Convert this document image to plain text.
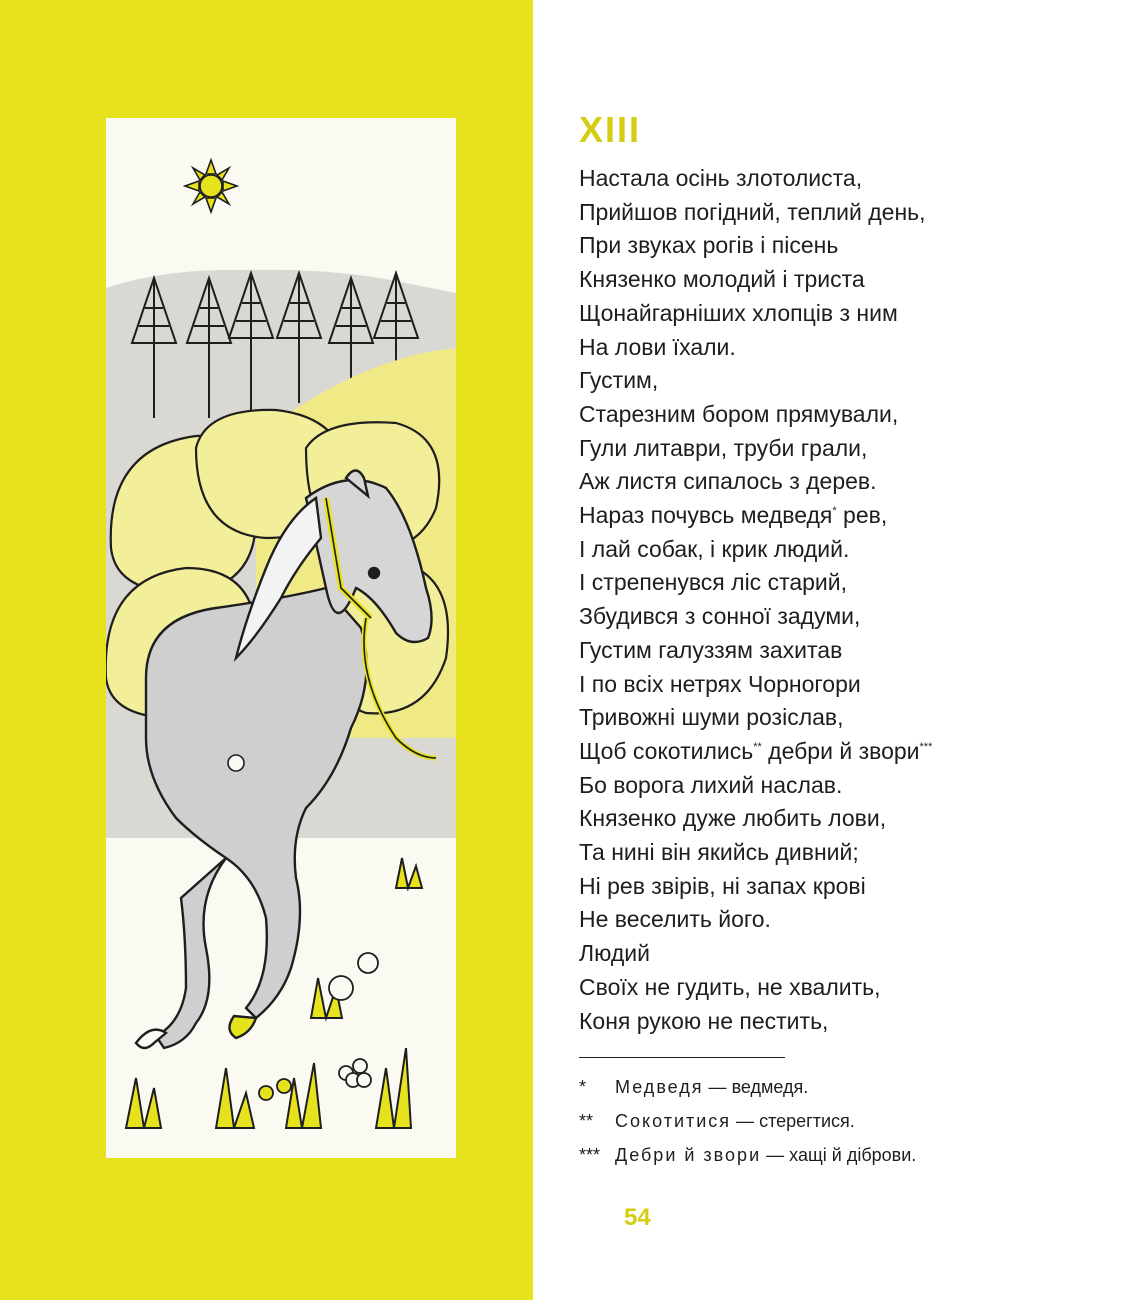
XIII
Настала осінь злотолиста,
Прийшов погідний, теплий день,
При звуках рогів і пісень
Князенко молодий і триста
Щонайгарніших хлопців з ним
На лови їхали.
Густим,
Старезним бором прямували,
Гули литаври, труби грали,
Аж листя сипалось з дерев.
Нараз почувсь медведя* рев,
І лай собак, і крик людий.
І стрепенувся ліс старий,
Збудився з сонної задуми,
Густим галуззям захитав
І по всіх нетрях Чорногори
Тривожні шуми розіслав,
Щоб сокотились** дебри й звори***
Бо ворога лихий наслав.
Князенко дуже любить лови,
Та нині він якийсь дивний;
Ні рев звірів, ні запах крові
Не веселить його.
Людий
Своїх не гудить, не хвалить,
Коня рукою не пестить,
* Медведя — ведмедя.
** Сокотитися — стерегтися.
*** Дебри й звори — хащі й діброви.
54
